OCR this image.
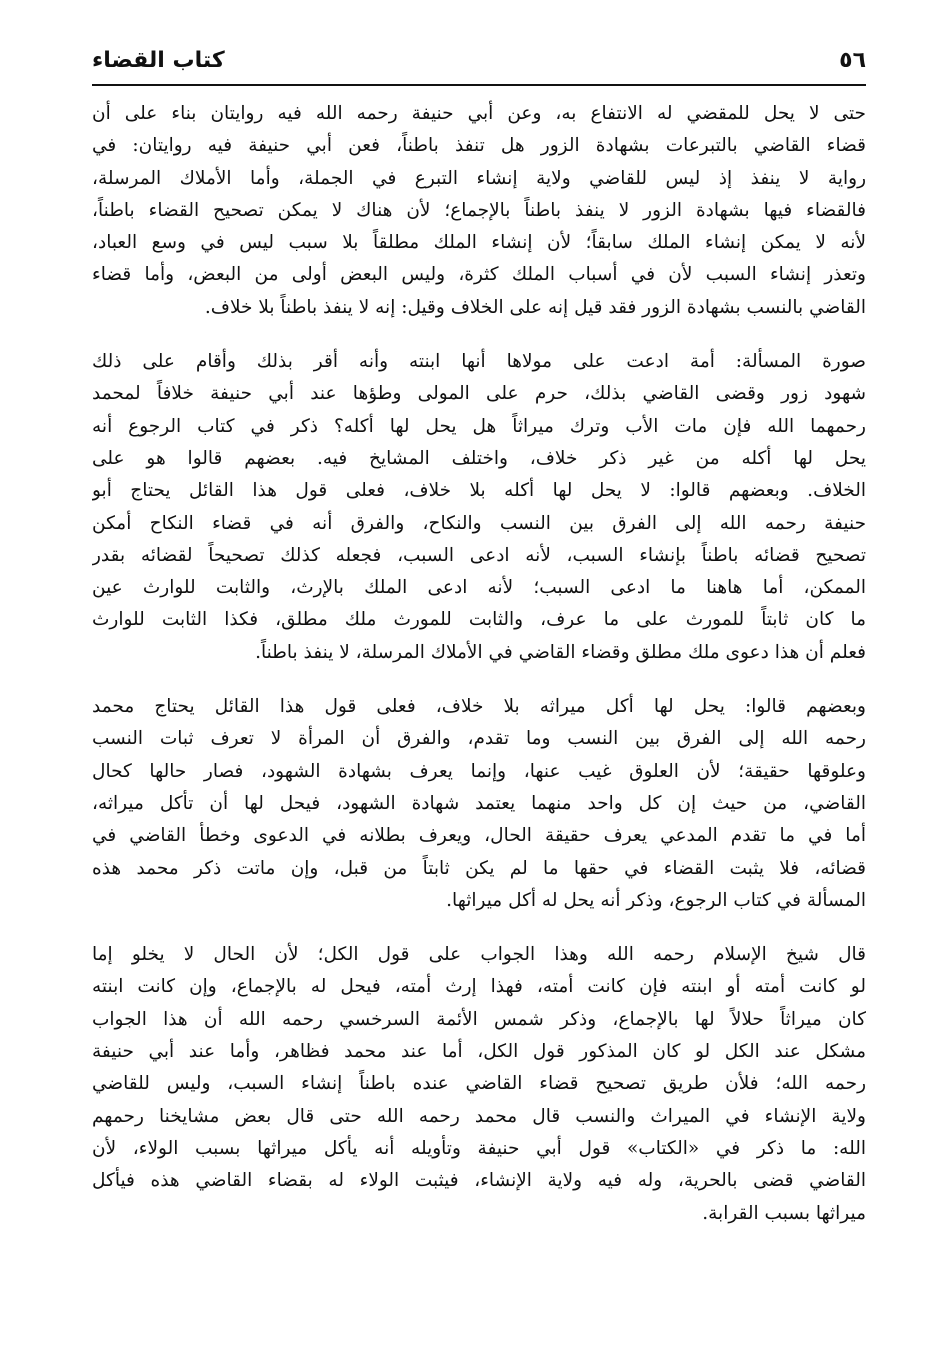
٥٦
كتاب القضاء

حتى لا يحل للمقضي له الانتفاع به، وعن أبي حنيفة رحمه الله فيه روايتان بناء على أن
قضاء القاضي بالتبرعات بشهادة الزور هل تنفذ باطناً، فعن أبي حنيفة فيه روايتان: في
رواية لا ينفذ إذ ليس للقاضي ولاية إنشاء التبرع في الجملة، وأما الأملاك المرسلة،
فالقضاء فيها بشهادة الزور لا ينفذ باطناً بالإجماع؛ لأن هناك لا يمكن تصحيح القضاء باطناً،
لأنه لا يمكن إنشاء الملك سابقاً؛ لأن إنشاء الملك مطلقاً بلا سبب ليس في وسع العباد،
وتعذر إنشاء السبب لأن في أسباب الملك كثرة، وليس البعض أولى من البعض، وأما قضاء
القاضي بالنسب بشهادة الزور فقد قيل إنه على الخلاف وقيل: إنه لا ينفذ باطناً بلا خلاف.

صورة المسألة: أمة ادعت على مولاها أنها ابنته وأنه أقر بذلك وأقام على ذلك
شهود زور وقضى القاضي بذلك، حرم على المولى وطؤها عند أبي حنيفة خلافاً لمحمد
رحمهما الله فإن مات الأب وترك ميراثاً هل يحل لها أكله؟ ذكر في كتاب الرجوع أنه
يحل لها أكله من غير ذكر خلاف، واختلف المشايخ فيه. بعضهم قالوا هو على
الخلاف. وبعضهم قالوا: لا يحل لها أكله بلا خلاف، فعلى قول هذا القائل يحتاج أبو
حنيفة رحمه الله إلى الفرق بين النسب والنكاح، والفرق أنه في قضاء النكاح أمكن
تصحيح قضائه باطناً بإنشاء السبب، لأنه ادعى السبب، فجعله كذلك تصحيحاً لقضائه بقدر
الممكن، أما هاهنا ما ادعى السبب؛ لأنه ادعى الملك بالإرث، والثابت للوارث عين
ما كان ثابتاً للمورث على ما عرف، والثابت للمورث ملك مطلق، فكذا الثابت للوارث
فعلم أن هذا دعوى ملك مطلق وقضاء القاضي في الأملاك المرسلة، لا ينفذ باطناً.

وبعضهم قالوا: يحل لها أكل ميراثه بلا خلاف، فعلى قول هذا القائل يحتاج محمد
رحمه الله إلى الفرق بين النسب وما تقدم، والفرق أن المرأة لا تعرف ثبات النسب
وعلوقها حقيقة؛ لأن العلوق غيب عنها، وإنما يعرف بشهادة الشهود، فصار حالها كحال
القاضي، من حيث إن كل واحد منهما يعتمد شهادة الشهود، فيحل لها أن تأكل ميراثه،
أما في ما تقدم المدعي يعرف حقيقة الحال، ويعرف بطلانه في الدعوى وخطأ القاضي في
قضائه، فلا يثبت القضاء في حقها ما لم يكن ثابتاً من قبل، وإن ماتت ذكر محمد هذه
المسألة في كتاب الرجوع، وذكر أنه يحل له أكل ميراثها.

قال شيخ الإسلام رحمه الله وهذا الجواب على قول الكل؛ لأن الحال لا يخلو إما
لو كانت أمته أو ابنته فإن كانت أمته، فهذا إرث أمته، فيحل له بالإجماع، وإن كانت ابنته
كان ميراثاً حلالاً لها بالإجماع، وذكر شمس الأئمة السرخسي رحمه الله أن هذا الجواب
مشكل عند الكل لو كان المذكور قول الكل، أما عند محمد فظاهر، وأما عند أبي حنيفة
رحمه الله؛ فلأن طريق تصحيح قضاء القاضي عنده باطناً إنشاء السبب، وليس للقاضي
ولاية الإنشاء في الميراث والنسب قال محمد رحمه الله حتى قال بعض مشايخنا رحمهم
الله: ما ذكر في «الكتاب» قول أبي حنيفة وتأويله أنه يأكل ميراثها بسبب الولاء، لأن
القاضي قضى بالحرية، وله فيه ولاية الإنشاء، فيثبت الولاء له بقضاء القاضي هذه فيأكل
ميراثها بسبب القرابة.
